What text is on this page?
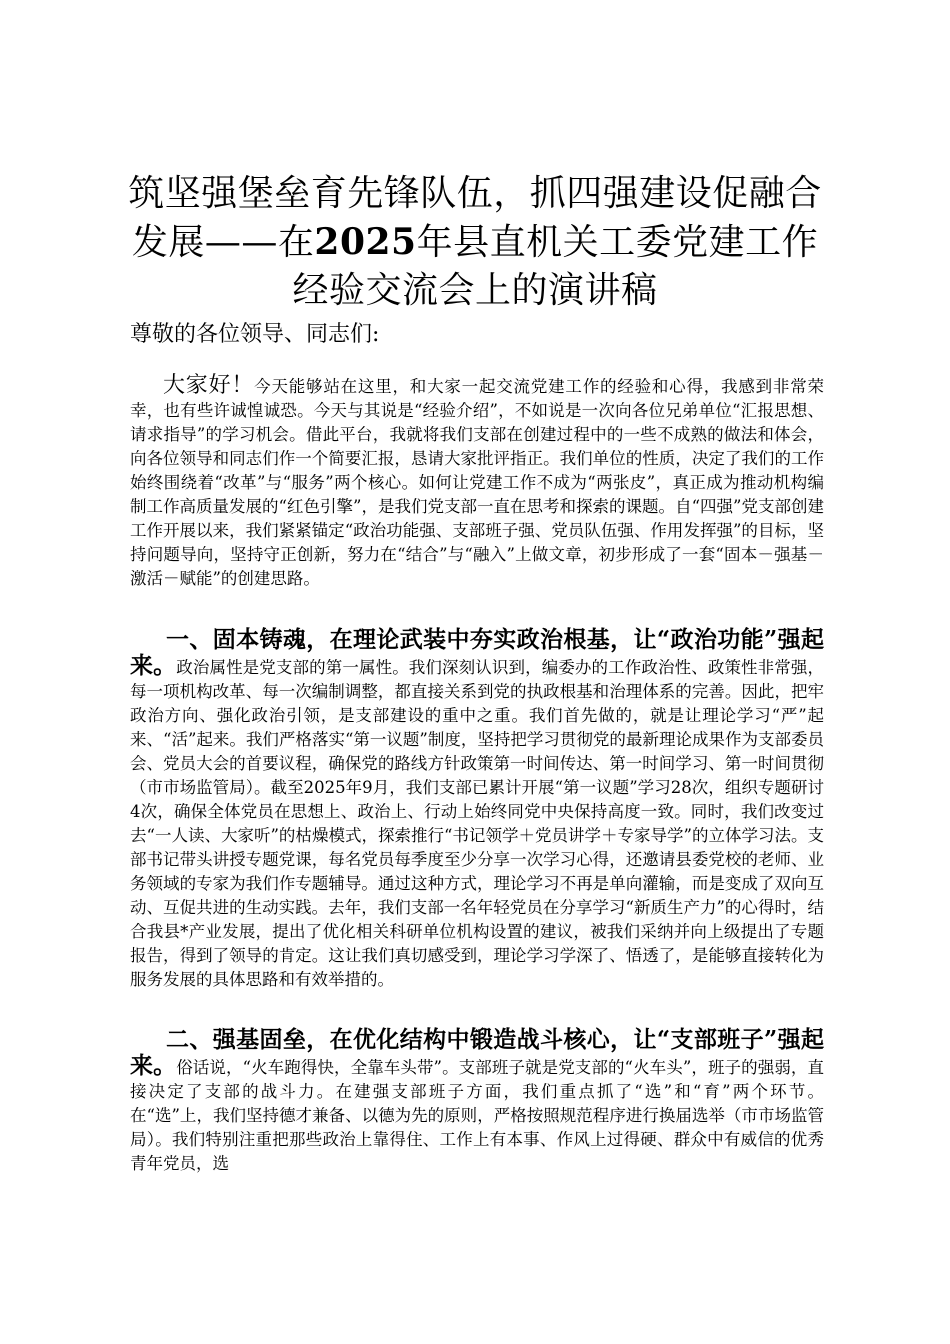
筑坚强堡垒育先锋队伍，抓四强建设促融合发展——在2025年县直机关工委党建工作经验交流会上的演讲稿

尊敬的各位领导、同志们:

大家好！今天能够站在这里，和大家一起交流党建工作的经验和心得，我感到非常荣幸，也有些许诚惶诚恐。今天与其说是“经验介绍”，不如说是一次向各位兄弟单位“汇报思想、请求指导”的学习机会。借此平台，我就将我们支部在创建过程中的一些不成熟的做法和体会，向各位领导和同志们作一个简要汇报，恳请大家批评指正。我们单位的性质，决定了我们的工作始终围绕着“改革”与“服务”两个核心。如何让党建工作不成为“两张皮”，真正成为推动机构编制工作高质量发展的“红色引擎”，是我们党支部一直在思考和探索的课题。自“四强”党支部创建工作开展以来，我们紧紧锚定“政治功能强、支部班子强、党员队伍强、作用发挥强”的目标，坚持问题导向，坚持守正创新，努力在“结合”与“融入”上做文章，初步形成了一套“固本－强基－激活－赋能”的创建思路。

一、固本铸魂，在理论武装中夯实政治根基，让“政治功能”强起来。政治属性是党支部的第一属性。我们深刻认识到，编委办的工作政治性、政策性非常强，每一项机构改革、每一次编制调整，都直接关系到党的执政根基和治理体系的完善。因此，把牢政治方向、强化政治引领，是支部建设的重中之重。我们首先做的，就是让理论学习“严”起来、“活”起来。我们严格落实“第一议题”制度，坚持把学习贯彻党的最新理论成果作为支部委员会、党员大会的首要议程，确保党的路线方针政策第一时间传达、第一时间学习、第一时间贯彻（市市场监管局）。截至2025年9月，我们支部已累计开展“第一议题”学习28次，组织专题研讨4次，确保全体党员在思想上、政治上、行动上始终同党中央保持高度一致。同时，我们改变过去“一人读、大家听”的枯燥模式，探索推行“书记领学＋党员讲学＋专家导学”的立体学习法。支部书记带头讲授专题党课，每名党员每季度至少分享一次学习心得，还邀请县委党校的老师、业务领域的专家为我们作专题辅导。通过这种方式，理论学习不再是单向灌输，而是变成了双向互动、互促共进的生动实践。去年，我们支部一名年轻党员在分享学习“新质生产力”的心得时，结合我县*产业发展，提出了优化相关科研单位机构设置的建议，被我们采纳并向上级提出了专题报告，得到了领导的肯定。这让我们真切感受到，理论学习学深了、悟透了，是能够直接转化为服务发展的具体思路和有效举措的。

二、强基固垒，在优化结构中锻造战斗核心，让“支部班子”强起来。俗话说，“火车跑得快，全靠车头带”。支部班子就是党支部的“火车头”，班子的强弱，直接决定了支部的战斗力。在建强支部班子方面，我们重点抓了“选”和“育”两个环节。在“选”上，我们坚持德才兼备、以德为先的原则，严格按照规范程序进行换届选举（市市场监管局）。我们特别注重把那些政治上靠得住、工作上有本事、作风上过得硬、群众中有威信的优秀青年党员，选
